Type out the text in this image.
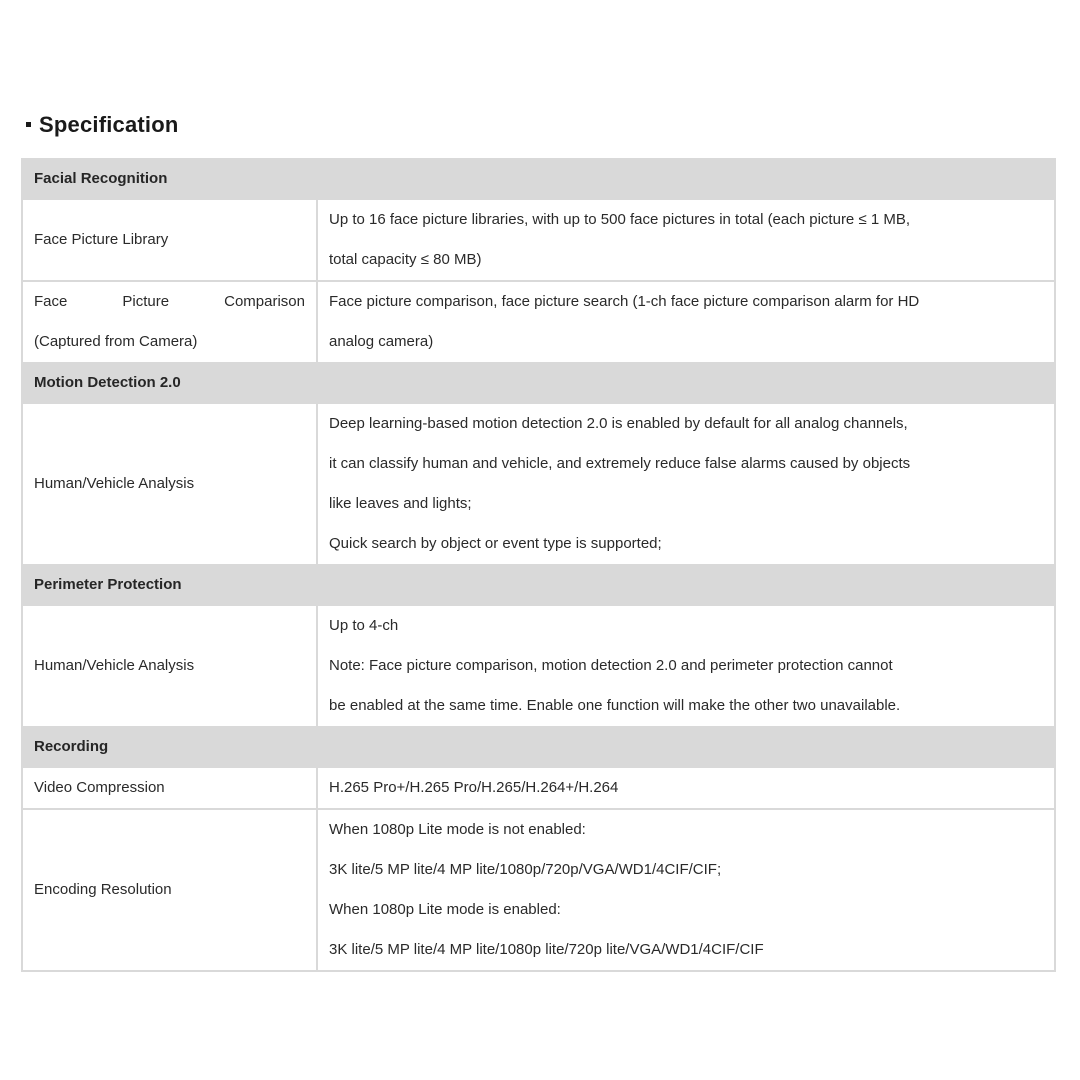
Specification
Facial Recognition	
Face Picture Library	Up to 16 face picture libraries, with up to 500 face pictures in total (each picture ≤ 1 MB,
total capacity ≤ 80 MB)

Face Picture Comparison
(Captured from Camera)	Face picture comparison, face picture search (1-ch face picture comparison alarm for HD
analog camera)

Motion Detection 2.0	
Human/Vehicle Analysis	Deep learning-based motion detection 2.0 is enabled by default for all analog channels,
it can classify human and vehicle, and extremely reduce false alarms caused by objects
like leaves and lights;
Quick search by object or event type is supported;

Perimeter Protection	
Human/Vehicle Analysis	Up to 4-ch
Note: Face picture comparison, motion detection 2.0 and perimeter protection cannot
be enabled at the same time. Enable one function will make the other two unavailable.

Recording	
Video Compression	H.265 Pro+/H.265 Pro/H.265/H.264+/H.264

Encoding Resolution	When 1080p Lite mode is not enabled:
3K lite/5 MP lite/4 MP lite/1080p/720p/VGA/WD1/4CIF/CIF;
When 1080p Lite mode is enabled:
3K lite/5 MP lite/4 MP lite/1080p lite/720p lite/VGA/WD1/4CIF/CIF
